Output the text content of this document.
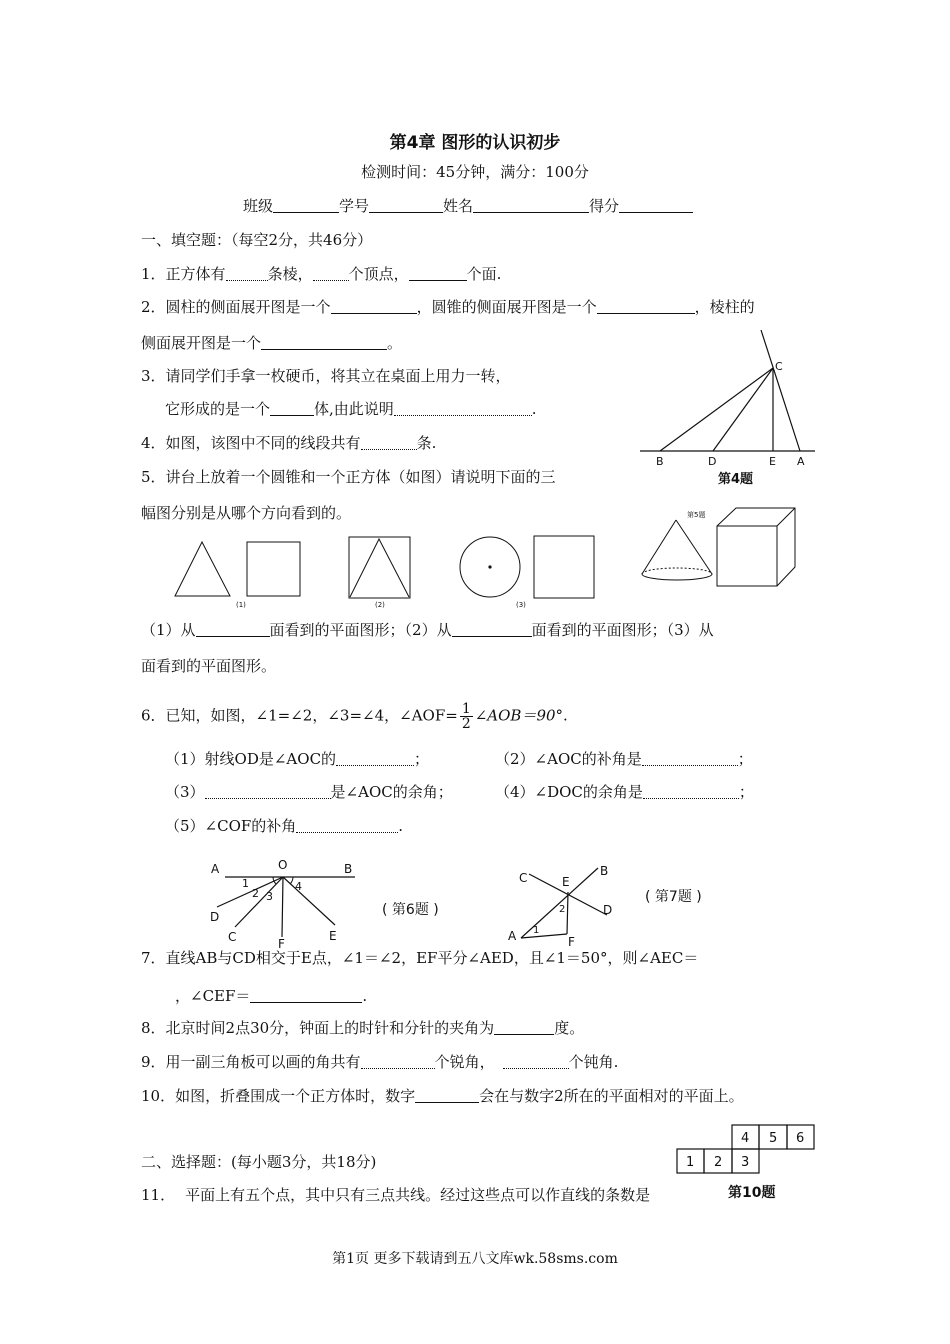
第4章 图形的认识初步
检测时间：45分钟，满分：100分
班级	学号	姓名	得分
一、填空题：（每空2分，共46分）
1．正方体有	条棱， 个顶点，	个面.
2．圆柱的侧面展开图是一个	，圆锥的侧面展开图是一个	，棱柱的
侧面展开图是一个	。
3．请同学们手拿一枚硬币，将其立在桌面上用力一转，
它形成的是一个	体,由此说明	.
4．如图，该图中不同的线段共有	条.
B	D	E A
C
第4题
5．讲台上放着一个圆锥和一个正方体（如图）请说明下面的三
幅图分别是从哪个方向看到的。
(1)	(2)	(3)
第5题
（1）从	面看到的平面图形；（2）从	面看到的平面图形；（3）从
面看到的平面图形。
6．已知，如图，∠1=∠2，∠3=∠4，∠AOF= $\frac{1}{2}$ ∠AOB＝90°.
（1）射线OD是∠AOC的	；	（2）∠AOC的补角是	；
（3）	是∠AOC的余角；	（4）∠DOC的余角是	；
（5）∠COF的补角	.
A	O	B
D
C	F
E
1
2 3
4
( 第6题 )
C	E
B
D
A	F
1
2
( 第7题 )
7．直线AB与CD相交于E点，∠1＝∠2，EF平分∠AED，且∠1＝50°，则∠AEC＝
，∠CEF＝	.
8．北京时间2点30分，钟面上的时针和分针的夹角为	度。
9．用一副三角板可以画的角共有	个锐角，	个钝角.
10．如图，折叠围成一个正方体时，数字	会在与数字2所在的平面相对的平面上。
4 5 6
1 2 3
二、选择题：(每小题3分，共18分)
11． 平面上有五个点，其中只有三点共线。经过这些点可以作直线的条数是	第10题
第1页 更多下载请到五八文库wk.58sms.com
